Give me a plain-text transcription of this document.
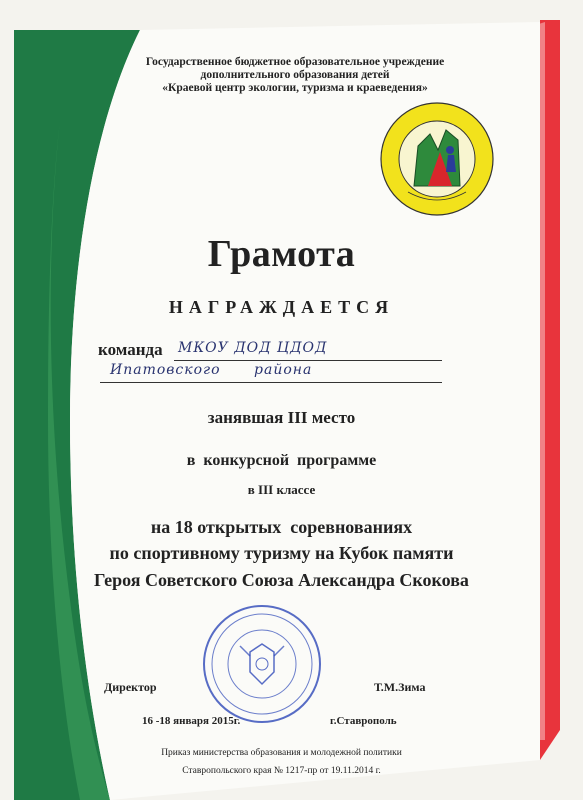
Государственное бюджетное образовательное учреждение
дополнительного образования детей
«Краевой центр экологии, туризма и краеведения»
Грамота
НАГРАЖДАЕТСЯ
команда МКОУ ДОД ЦДОД
Ипатовского района
занявшая III место
в  конкурсной  программе
в III классе
на 18 открытых  соревнованиях
по спортивному туризму на Кубок памяти
Героя Советского Союза Александра Скокова
Директор	Т.М.Зима
16 -18 января 2015г.	г.Ставрополь
Приказ министерства образования и молодежной политики
Ставропольского края № 1217-пр от 19.11.2014 г.
